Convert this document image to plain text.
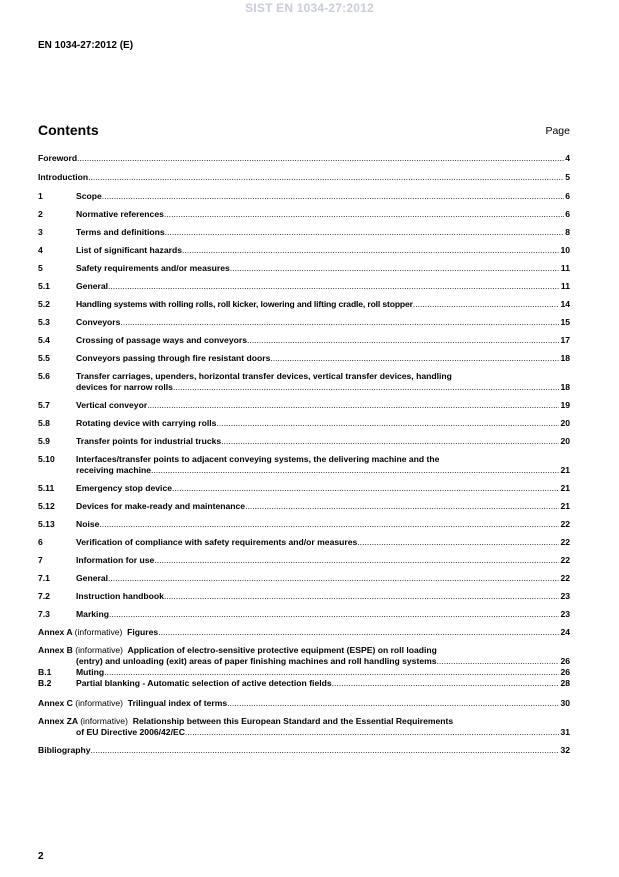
SIST EN 1034-27:2012
EN 1034-27:2012 (E)
Contents	Page
Foreword .....	4
Introduction .....	5
1	Scope .....	6
2	Normative references .....	6
3	Terms and definitions .....	8
4	List of significant hazards .....	10
5	Safety requirements and/or measures .....	11
5.1	General .....	11
5.2	Handling systems with rolling rolls, roll kicker, lowering and lifting cradle, roll stopper .....	14
5.3	Conveyors .....	15
5.4	Crossing of passage ways and conveyors .....	17
5.5	Conveyors passing through fire resistant doors .....	18
5.6	Transfer carriages, upenders, horizontal transfer devices, vertical transfer devices, handling
devices for narrow rolls .....	18
5.7	Vertical conveyor .....	19
5.8	Rotating device with carrying rolls .....	20
5.9	Transfer points for industrial trucks .....	20
5.10	Interfaces/transfer points to adjacent conveying systems, the delivering machine and the
receiving machine .....	21
5.11	Emergency stop device .....	21
5.12	Devices for make-ready and maintenance .....	21
5.13	Noise .....	22
6	Verification of compliance with safety requirements and/or measures .....	22
7	Information for use .....	22
7.1	General .....	22
7.2	Instruction handbook .....	23
7.3	Marking .....	23
Annex A (informative) Figures .....	24
Annex B (informative) Application of electro-sensitive protective equipment (ESPE) on roll loading
(entry) and unloading (exit) areas of paper finishing machines and roll handling systems .....	26
B.1	Muting .....	26
B.2	Partial blanking - Automatic selection of active detection fields .....	28
Annex C (informative) Trilingual index of terms .....	30
Annex ZA (informative) Relationship between this European Standard and the Essential Requirements
of EU Directive 2006/42/EC .....	31
Bibliography .....	32
2
